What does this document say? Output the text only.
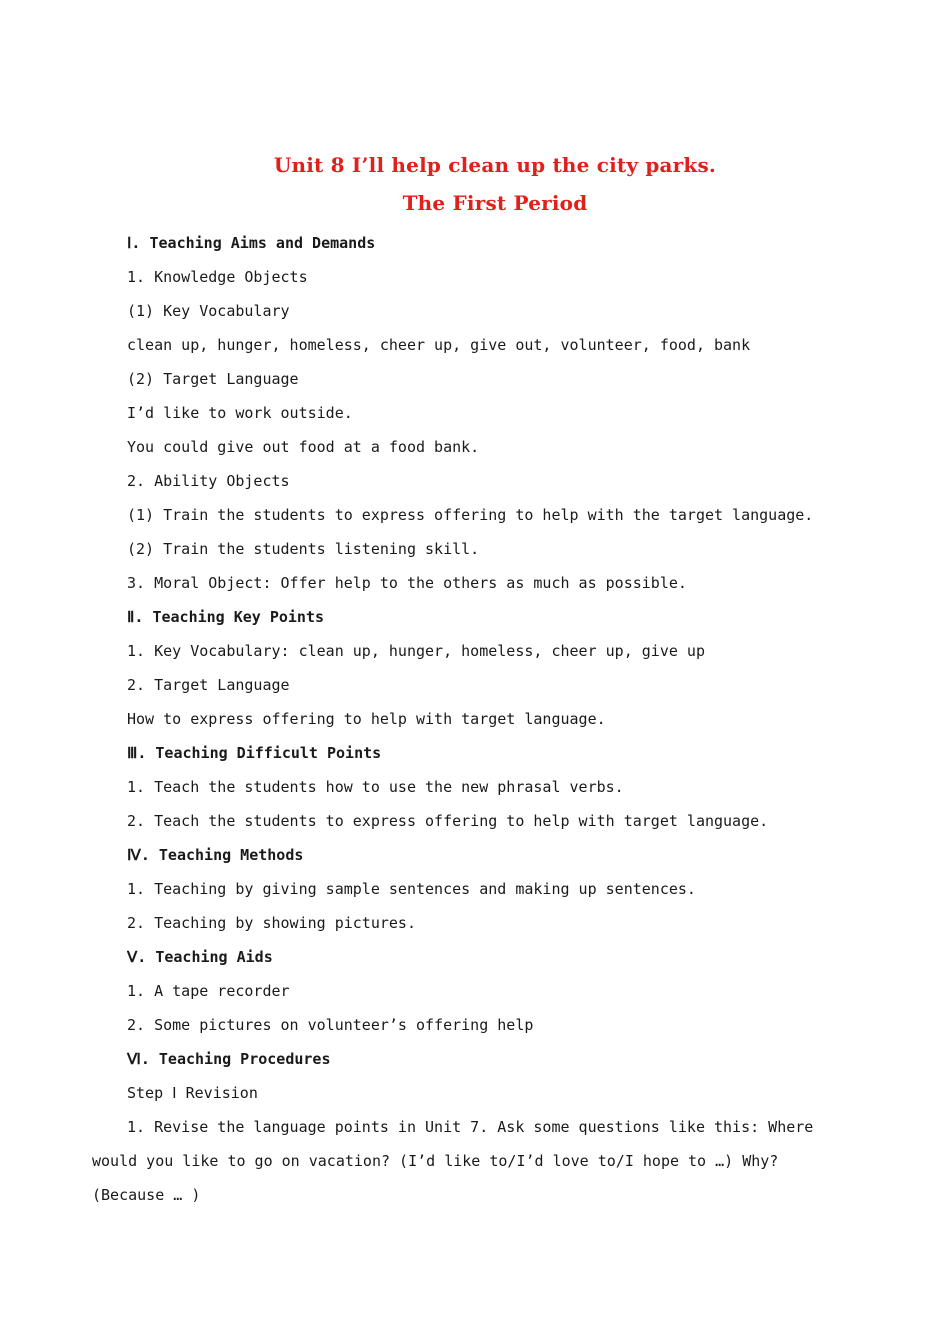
Unit 8 I’ll help clean up the city parks.
The First Period
Ⅰ. Teaching Aims and Demands
1. Knowledge Objects
(1) Key Vocabulary
clean up, hunger, homeless, cheer up, give out, volunteer, food, bank
(2) Target Language
I’d like to work outside.
You could give out food at a food bank.
2. Ability Objects
(1) Train the students to express offering to help with the target language.
(2) Train the students listening skill.
3. Moral Object: Offer help to the others as much as possible.
Ⅱ. Teaching Key Points
1. Key Vocabulary: clean up, hunger, homeless, cheer up, give up
2. Target Language
How to express offering to help with target language.
Ⅲ. Teaching Difficult Points
1. Teach the students how to use the new phrasal verbs.
2. Teach the students to express offering to help with target language.
Ⅳ. Teaching Methods
1. Teaching by giving sample sentences and making up sentences.
2. Teaching by showing pictures.
Ⅴ. Teaching Aids
1. A tape recorder
2. Some pictures on volunteer’s offering help
Ⅵ. Teaching Procedures
Step Ⅰ Revision
1. Revise the language points in Unit 7. Ask some questions like this: Where would you like to go on vacation? (I’d like to/I’d love to/I hope to …) Why? (Because … )
